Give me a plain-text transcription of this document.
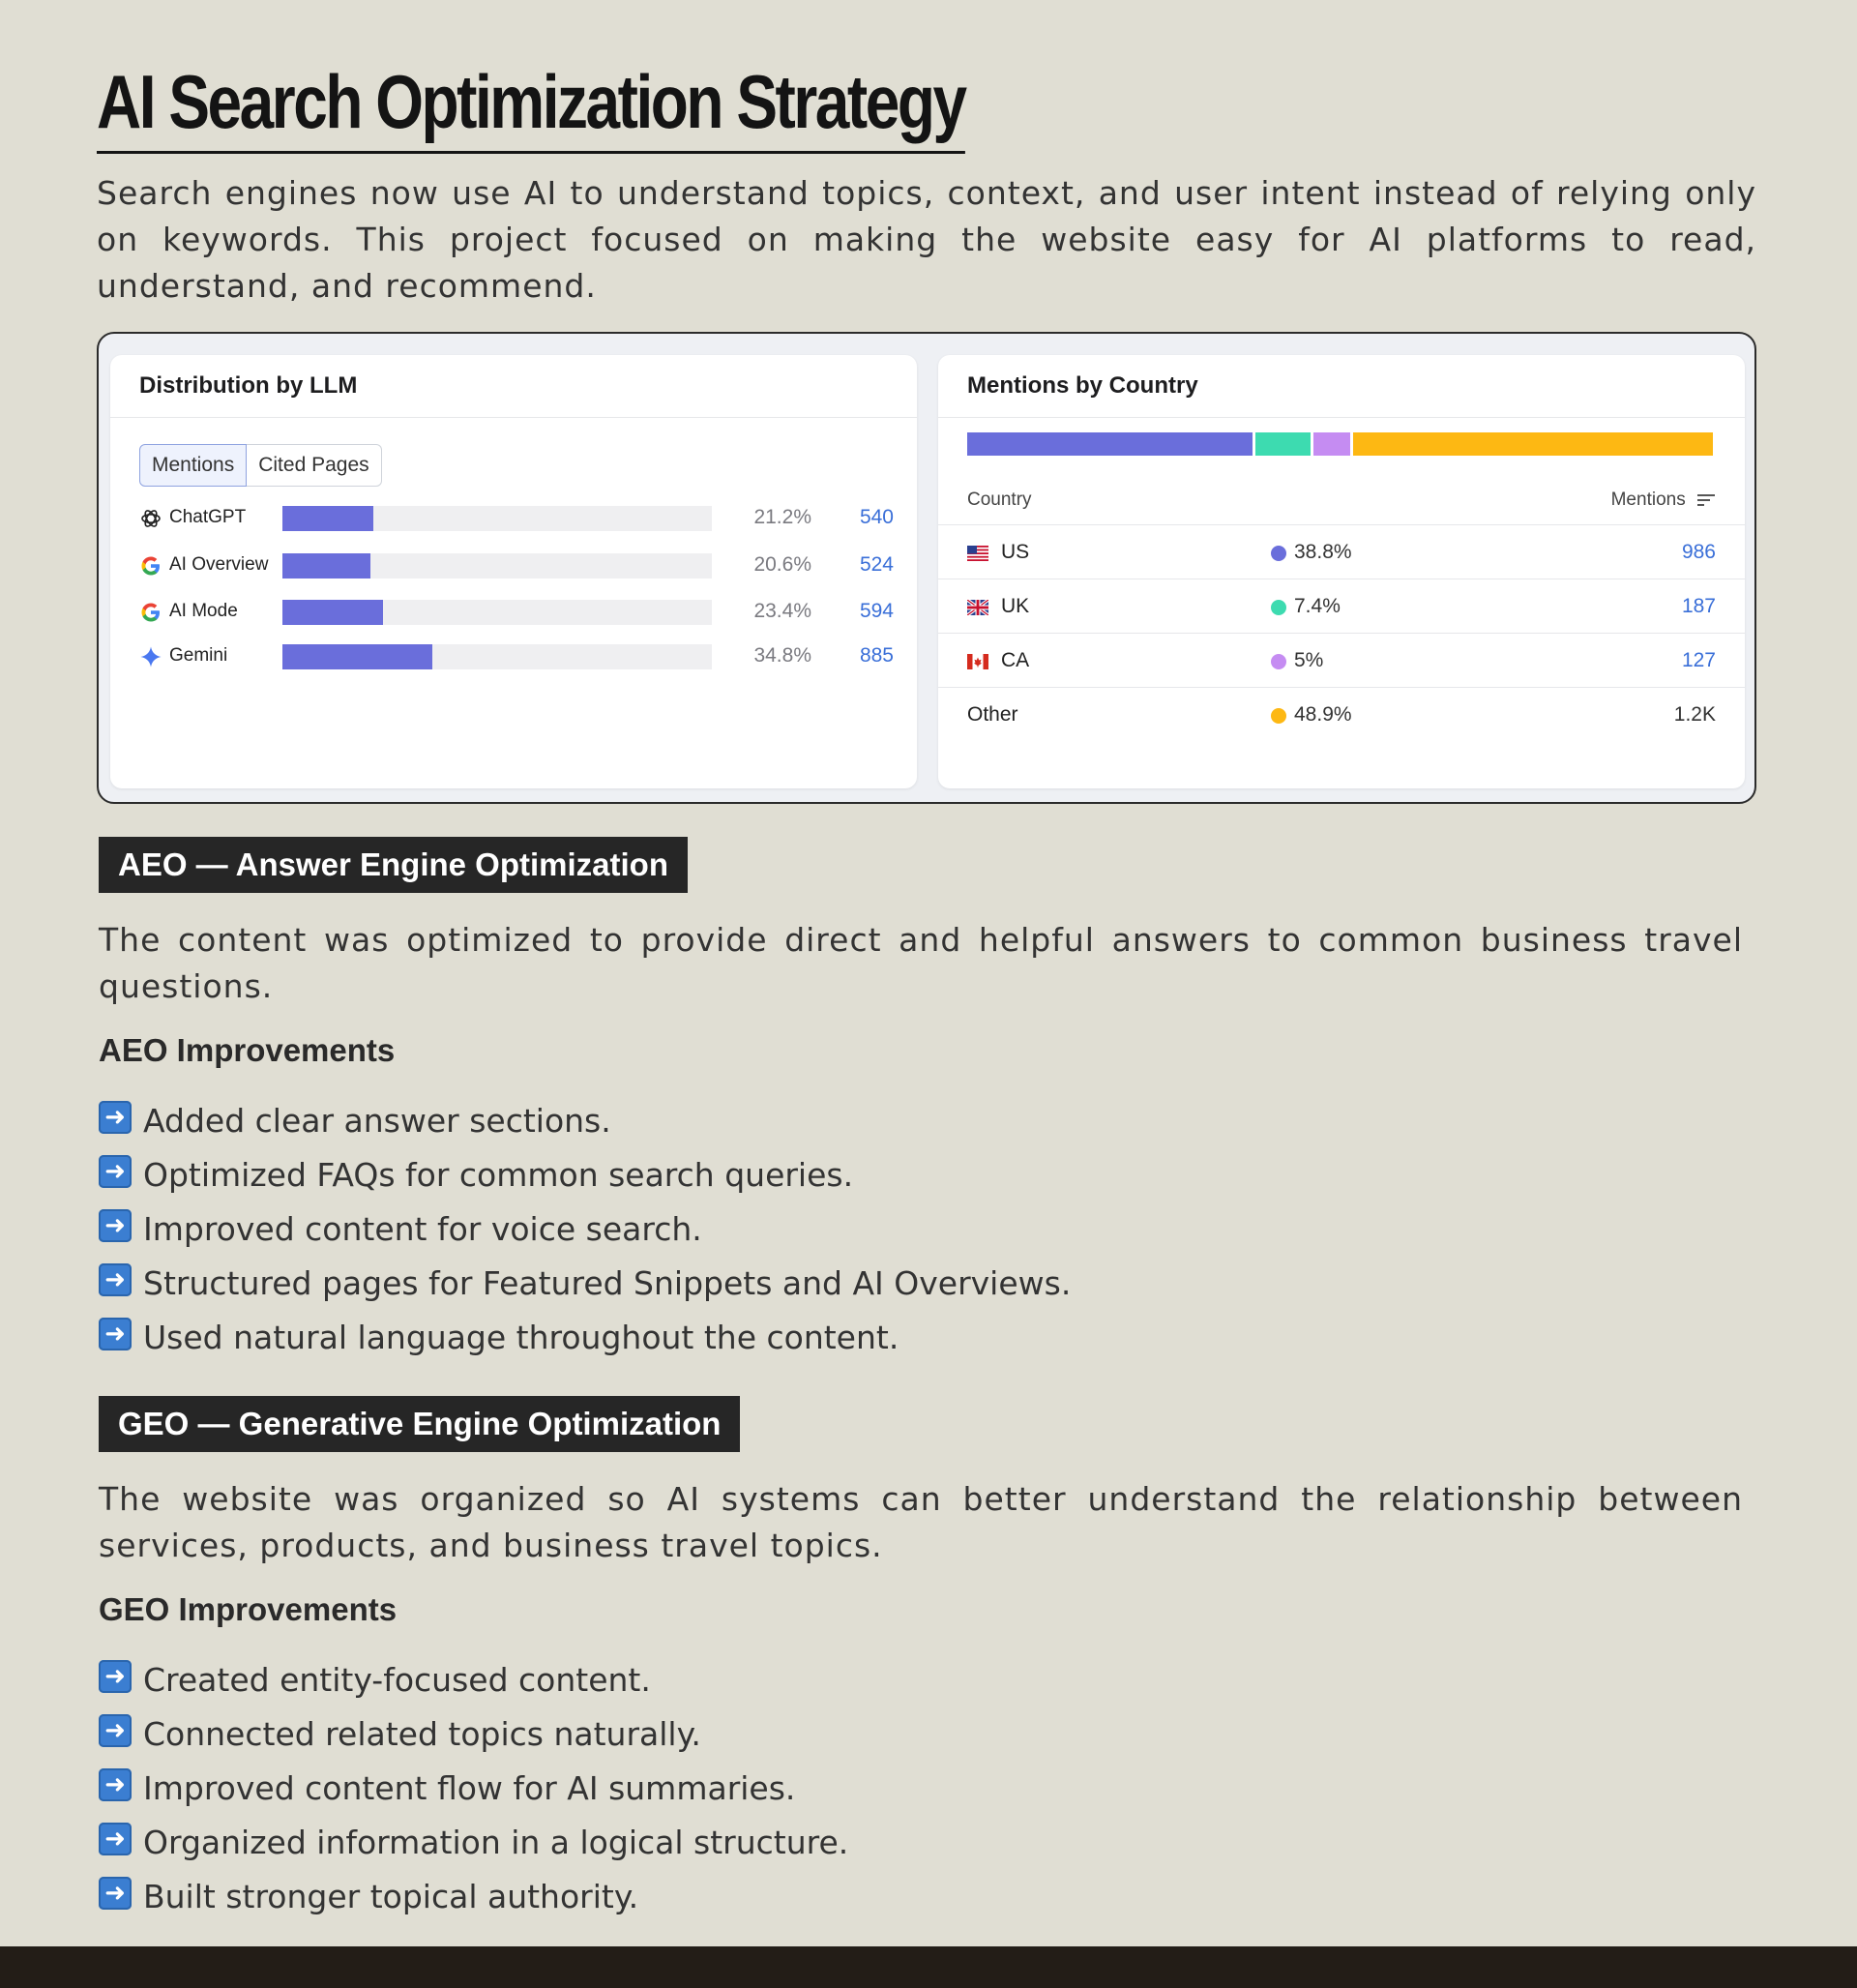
AI Search Optimization Strategy
Search engines now use AI to understand topics, context, and user intent instead of relying only on keywords. This project focused on making the website easy for AI platforms to read, understand, and recommend.
Distribution by LLM
Mentions	Cited Pages
ChatGPT	21.2%	540
AI Overview	20.6%	524
AI Mode	23.4%	594
Gemini	34.8%	885
Mentions by Country
Country	Mentions
US	38.8%	986
UK	7.4%	187
CA	5%	127
Other	48.9%	1.2K
AEO — Answer Engine Optimization
The content was optimized to provide direct and helpful answers to common business travel questions.
AEO Improvements
➜ Added clear answer sections.
➜ Optimized FAQs for common search queries.
➜ Improved content for voice search.
➜ Structured pages for Featured Snippets and AI Overviews.
➜ Used natural language throughout the content.
GEO — Generative Engine Optimization
The website was organized so AI systems can better understand the relationship between services, products, and business travel topics.
GEO Improvements
➜ Created entity-focused content.
➜ Connected related topics naturally.
➜ Improved content flow for AI summaries.
➜ Organized information in a logical structure.
➜ Built stronger topical authority.
